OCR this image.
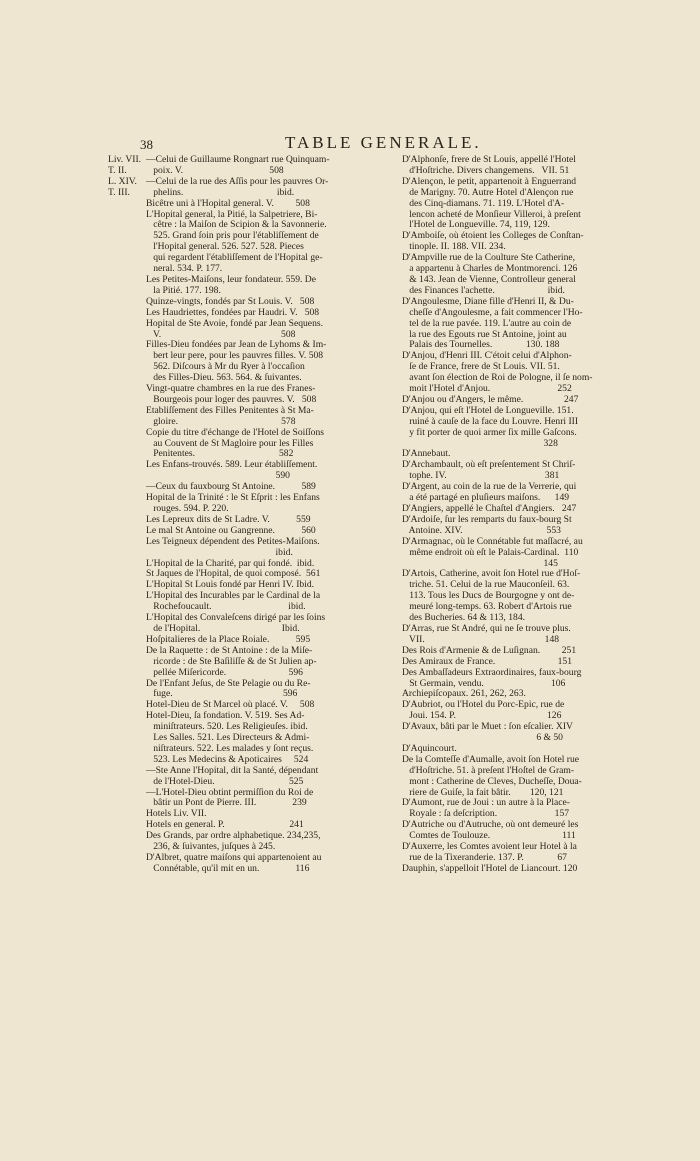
38	TABLE GENERALE.
Liv. VII. —Celui de Guillaume Rongnart rue Quinquam-
T. II.	poix. V.                                    508
L. XIV. —Celui de la rue des Aſſis pour les pauvres Or-
T. III.	phelins.                                       ibid.
Bicêtre uni à l'Hopital general. V.         508
L'Hopital general, la Pitié, la Salpetriere, Bi-
cêtre : la Maiſon de Scipion & la Savonnerie.
525. Grand ſoin pris pour l'établiſſement de
l'Hopital general. 526. 527. 528. Pieces
qui regardent l'établiſſement de l'Hopital ge-
neral. 534. P. 177.
Les Petites-Maiſons, leur fondateur. 559. De
la Pitié. 177. 198.
Quinze-vingts, fondés par St Louis. V.   508
Les Haudriettes, fondées par Haudri. V.   508
Hopital de Ste Avoie, fondé par Jean Sequens.
V.                                                  508
Filles-Dieu fondées par Jean de Lyhoms & Im-
bert leur pere, pour les pauvres filles. V. 508
562. Diſcours à Mr du Ryer à l'occaſion
des Filles-Dieu. 563. 564. & ſuivantes.
Vingt-quatre chambres en la rue des Franes-
Bourgeois pour loger des pauvres. V.   508
Etabliſſement des Filles Penitentes à St Ma-
gloire.                                           578
Copie du titre d'échange de l'Hotel de Soiſſons
au Couvent de St Magloire pour les Filles
Penitentes.                                   582
Les Enfans-trouvés. 589. Leur établiſſement.
590
—Ceux du fauxbourg St Antoine.           589
Hopital de la Trinité : le St Eſprit : les Enfans
rouges. 594. P. 220.
Les Lepreux dits de St Ladre. V.           559
Le mal St Antoine ou Gangrenne.           560
Les Teigneux dépendent des Petites-Maiſons.
ibid.
L'Hopital de la Charité, par qui fondé.  ibid.
St Jaques de l'Hopital, de quoi composé.  561
L'Hopital St Louis fondé par Henri IV. Ibid.
L'Hopital des Incurables par le Cardinal de la
Rochefoucault.                                ibid.
L'Hopital des Convaleſcens dirigé par les ſoins
de l'Hopital.                                  Ibid.
Hoſpitalieres de la Place Roiale.           595
De la Raquette : de St Antoine : de la Miſe-
ricorde : de Ste Baſiliſſe & de St Julien ap-
pellée Miſericorde.                          596
De l'Enfant Jeſus, de Ste Pelagie ou du Re-
fuge.                                              596
Hotel-Dieu de St Marcel où placé. V.     508
Hotel-Dieu, ſa fondation. V. 519. Ses Ad-
miniſtrateurs. 520. Les Religieuſes. ibid.
Les Salles. 521. Les Directeurs & Admi-
niſtrateurs. 522. Les malades y ſont reçus.
523. Les Medecins & Apoticaires     524
—Ste Anne l'Hopital, dit la Santé, dépendant
de l'Hotel-Dieu.                               525
—L'Hotel-Dieu obtint permiſſion du Roi de
bâtir un Pont de Pierre. III.               239
Hotels Liv. VII.
Hotels en general. P.                           241
Des Grands, par ordre alphabetique. 234,235,
236, & ſuivantes, juſques à 245.
D'Albret, quatre maiſons qui appartenoient au
Connétable, qu'il mit en un.               116
D'Alphonſe, frere de St Louis, appellé l'Hotel
d'Hoſtriche. Divers changemens.   VII. 51
D'Alençon, le petit, appartenoit à Enguerrand
de Marigny. 70. Autre Hotel d'Alençon rue
des Cinq-diamans. 71. 119. L'Hotel d'A-
lencon acheté de Monſieur Villeroi, à preſent
l'Hotel de Longueville. 74, 119, 129.
D'Amboiſe, où étoient les Colleges de Conſtan-
tinople. II. 188. VII. 234.
D'Ampville rue de la Coulture Ste Catherine,
a appartenu à Charles de Montmorenci. 126
& 143. Jean de Vienne, Controlleur general
des Finances l'achette.                      ibid.
D'Angoulesme, Diane fille d'Henri II, & Du-
cheſſe d'Angoulesme, a fait commencer l'Ho-
tel de la rue pavée. 119. L'autre au coin de
la rue des Egouts rue St Antoine, joint au
Palais des Tournelles.              130. 188
D'Anjou, d'Henri III. C'étoit celui d'Alphon-
ſe de France, frere de St Louis. VII. 51.
avant ſon élection de Roi de Pologne, il ſe nom-
moit l'Hotel d'Anjou.                            252
D'Anjou ou d'Angers, le même.                 247
D'Anjou, qui eſt l'Hotel de Longueville. 151.
ruiné à cauſe de la face du Louvre. Henri III
y fit porter de quoi armer ſix mille Gaſcons.
328
D'Annebaut.
D'Archambault, où eſt preſentement St Chriſ-
tophe. IV.                                         381
D'Argent, au coin de la rue de la Verrerie, qui
a été partagé en pluſieurs maiſons.      149
D'Angiers, appellé le Chaſtel d'Angiers.   247
D'Ardoiſe, ſur les remparts du faux-bourg St
Antoine. XIV.                                   553
D'Armagnac, où le Connétable fut maſſacré, au
même endroit où eſt le Palais-Cardinal.  110
145
D'Artois, Catherine, avoit ſon Hotel rue d'Hoſ-
triche. 51. Celui de la rue Mauconſeil. 63.
113. Tous les Ducs de Bourgogne y ont de-
meuré long-temps. 63. Robert d'Artois rue
des Bucheries. 64 & 113, 184.
D'Arras, rue St André, qui ne ſe trouve plus.
VII.                                                  148
Des Rois d'Armenie & de Luſignan.         251
Des Amiraux de France.                          151
Des Ambaſſadeurs Extraordinaires, faux-bourg
St Germain, vendu.                            106
Archiepiſcopaux. 261, 262, 263.
D'Aubriot, ou l'Hotel du Porc-Epic, rue de
Joui. 154. P.                                      126
D'Avaux, bâti par le Muet : ſon eſcalier. XIV
6 & 50
D'Aquincourt.
De la Comteſſe d'Aumalle, avoit ſon Hotel rue
d'Hoſtriche. 51. à preſent l'Hoſtel de Gram-
mont : Catherine de Cleves, Ducheſſe, Doua-
riere de Guiſe, la fait bâtir.        120, 121
D'Aumont, rue de Joui : un autre à la Place-
Royale : ſa deſcription.                        157
D'Autriche ou d'Autruche, où ont demeuré les
Comtes de Toulouze.                              111
D'Auxerre, les Comtes avoient leur Hotel à la
rue de la Tixeranderie. 137. P.              67
Dauphin, s'appelloit l'Hotel de Liancourt. 120
